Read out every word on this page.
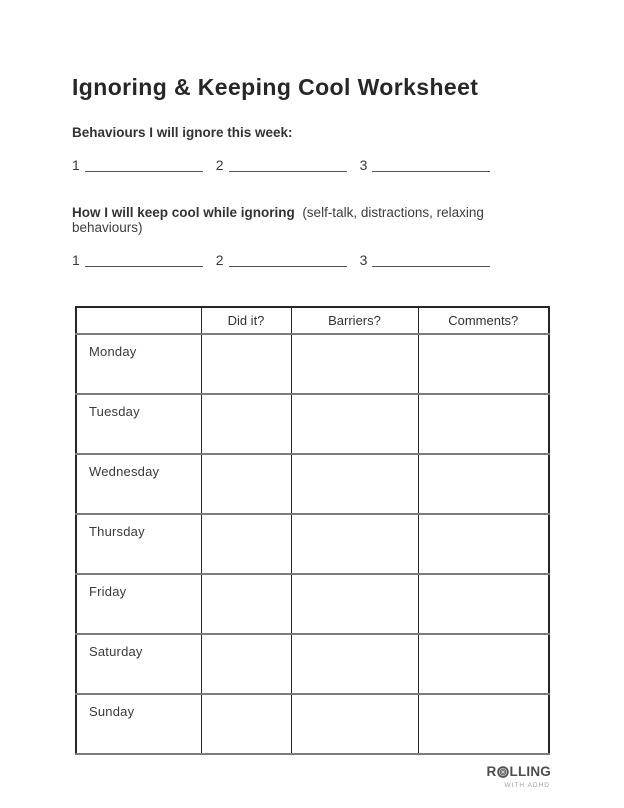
Ignoring & Keeping Cool Worksheet
Behaviours I will ignore this week:
1	2	3
How I will keep cool while ignoring (self-talk, distractions, relaxing behaviours)
1	2	3
	Did it?	Barriers?	Comments?
Monday			
Tuesday			
Wednesday			
Thursday			
Friday			
Saturday			
Sunday			
R LLING
WITH ADHD
